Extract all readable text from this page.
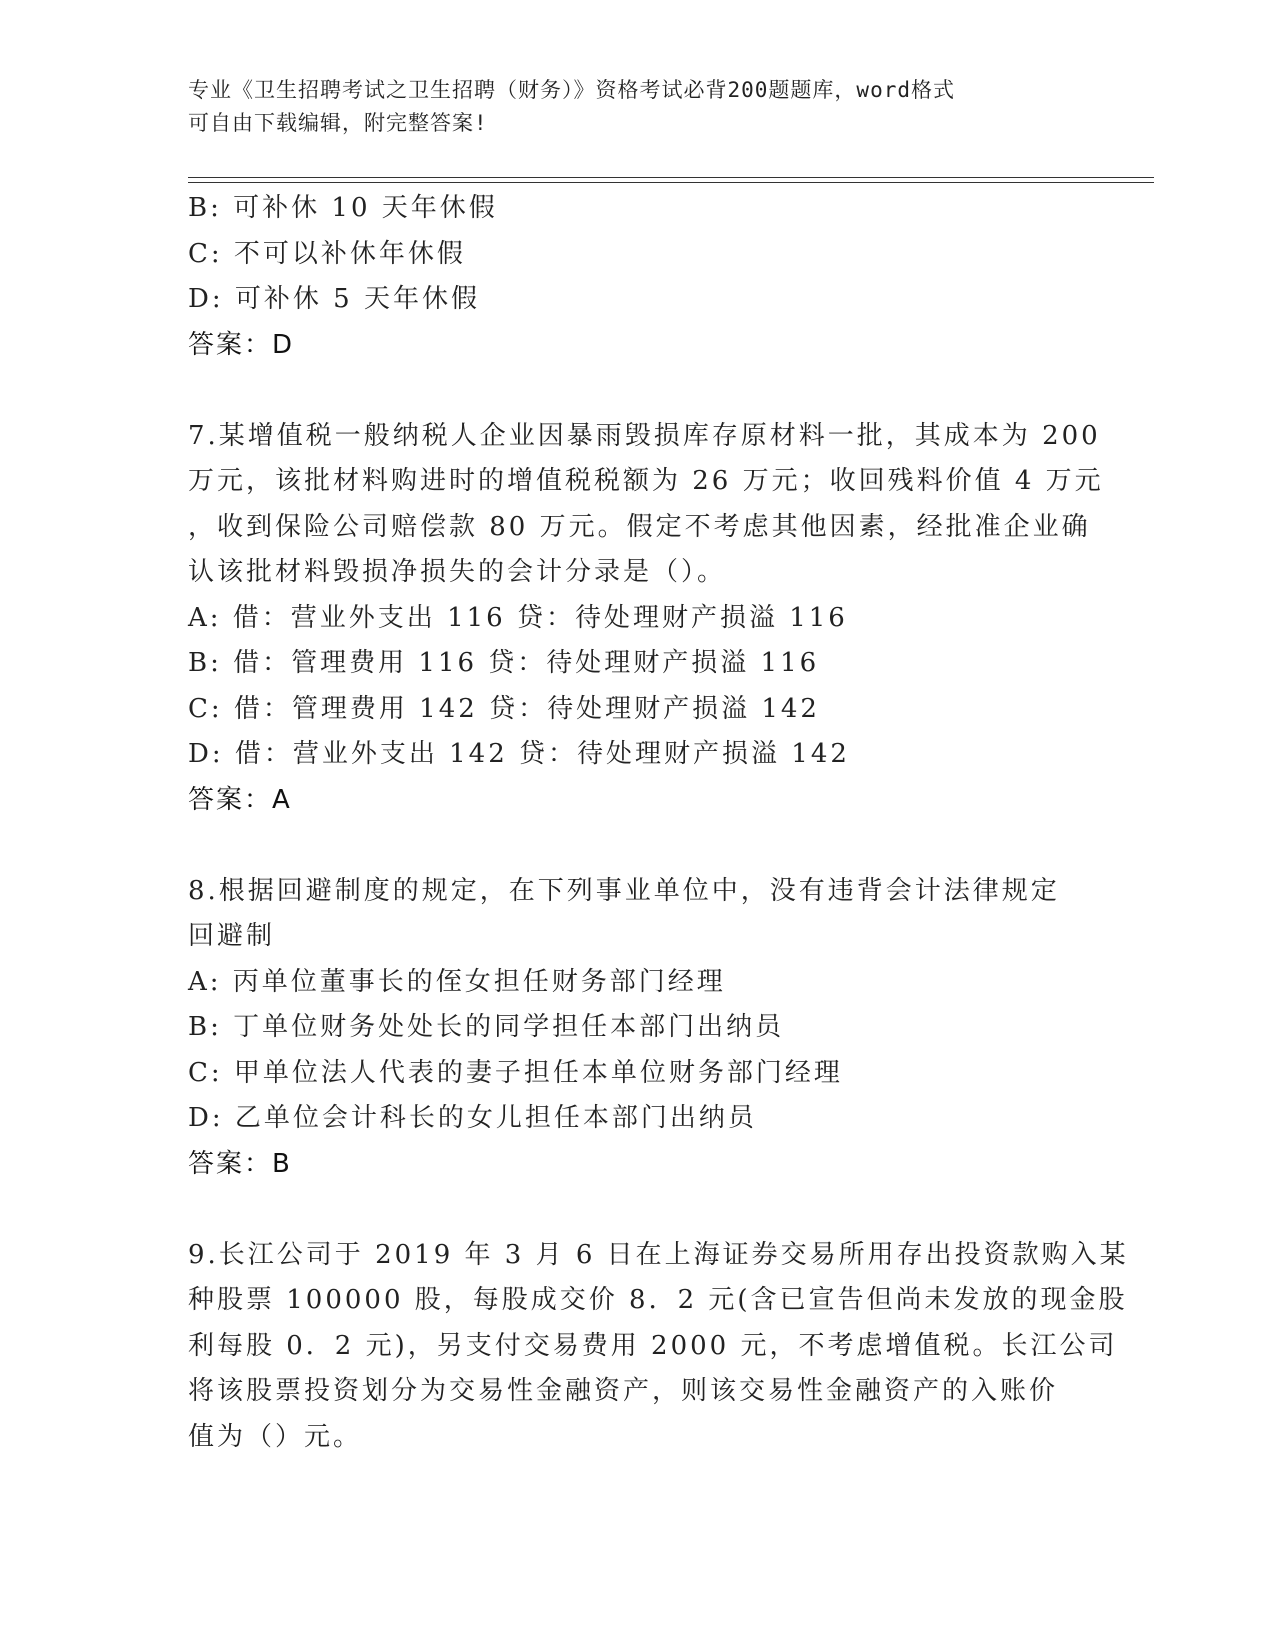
专业《卫生招聘考试之卫生招聘（财务）》资格考试必背200题题库，word格式
可自由下载编辑，附完整答案!
B: 可补休 10 天年休假
C: 不可以补休年休假
D: 可补休 5 天年休假
答案：D
7.某增值税一般纳税人企业因暴雨毁损库存原材料一批，其成本为 200
万元，该批材料购进时的增值税税额为 26 万元；收回残料价值 4 万元
，收到保险公司赔偿款 80 万元。假定不考虑其他因素，经批准企业确
认该批材料毁损净损失的会计分录是（）。
A: 借：营业外支出 116 贷：待处理财产损溢 116
B: 借：管理费用 116 贷：待处理财产损溢 116
C: 借：管理费用 142 贷：待处理财产损溢 142
D: 借：营业外支出 142 贷：待处理财产损溢 142
答案：A
8.根据回避制度的规定，在下列事业单位中，没有违背会计法律规定
回避制
A: 丙单位董事长的侄女担任财务部门经理
B: 丁单位财务处处长的同学担任本部门出纳员
C: 甲单位法人代表的妻子担任本单位财务部门经理
D: 乙单位会计科长的女儿担任本部门出纳员
答案：B
9.长江公司于 2019 年 3 月 6 日在上海证券交易所用存出投资款购入某
种股票 100000 股，每股成交价 8．2 元(含已宣告但尚未发放的现金股
利每股 0．2 元)，另支付交易费用 2000 元，不考虑增值税。长江公司
将该股票投资划分为交易性金融资产，则该交易性金融资产的入账价
值为（）元。
